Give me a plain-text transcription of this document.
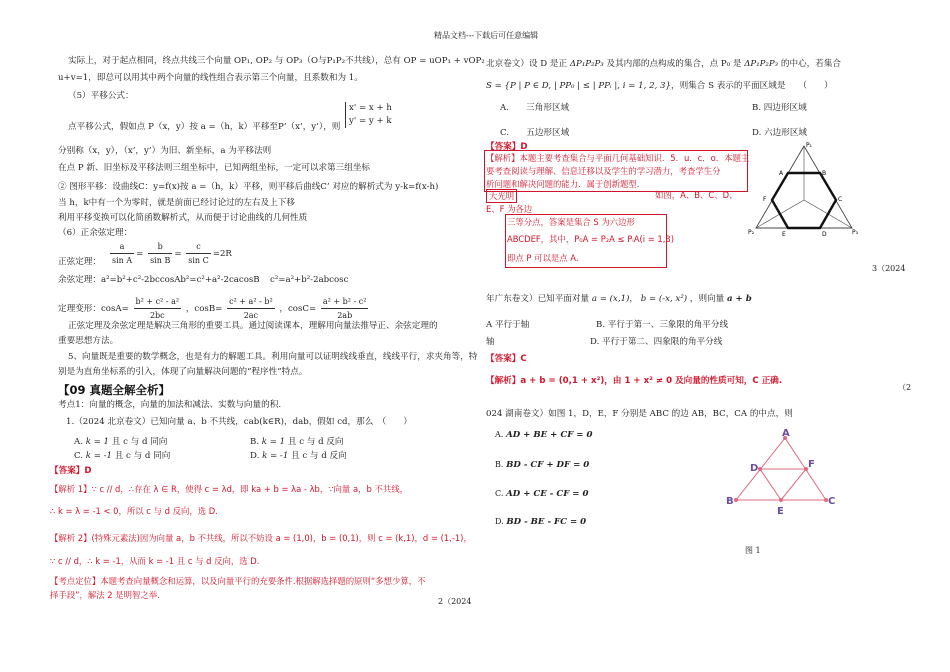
精品文档---下载后可任意编辑
实际上，对于起点相同，终点共线三个向量 OP₁, OP₂ 与 OP₃（O与P₁P₂不共线），总有 OP = uOP₁ + vOP₂
u+v=1，即总可以用其中两个向量的线性组合表示第三个向量，且系数和为 1。
（5）平移公式：
点平移公式，假如点 P（x，y）按 a =（h，k）平移至P’（x’，y’），则
x' = x + h
y' = y + k
分别称（x，y），（x’，y’）为旧、新坐标，a 为平移法则
在点 P 新、旧坐标及平移法则三组坐标中，已知两组坐标，一定可以求第三组坐标
② 图形平移：设曲线C：y=f(x)按 a =（h，k）平移，则平移后曲线C’ 对应的解析式为 y-k=f(x-h)
当 h，k中有一个为零时，就是前面已经讨论过的左右及上下移
利用平移变换可以化简函数解析式，从而便于讨论曲线的几何性质
（6）正余弦定理：
$\frac{a}{\text{sin A}} = \frac{b}{\text{sin B}} = \frac{c}{\text{sin C}} =2R$
正弦定理：
余弦定理：a²=b²+c²-2bccosAb²=c²+a²-2cacosB c²=a²+b²-2abcosc
定理变形：$\cos A= \frac{\text{b² + c² - a²}}{2bc}$ ，$\cos B= \frac{\text{c² + a² - b²}}{2ac}$ ，$\cos C= \frac{\text{a² + b² - c²}}{2ab}$
正弦定理及余弦定理是解决三角形的重要工具。通过阅读课本，理解用向量法推导正、余弦定理的
重要思想方法。
5、向量既是重要的数学概念，也是有力的解题工具。利用向量可以证明线线垂直，线线平行，求夹角等，特
别是为直角坐标系的引入，体现了向量解决问题的“程序性”特点。
【09 真题全解全析】
考点1：向量的概念，向量的加法和减法、实数与向量的积.
1.（2024 北京卷文）已知向量 a、b 不共线，cab(k∈R)，dab，假如 cd，那么　（　　）
A. k = 1 且 c 与 d 同向	B. k = 1 且 c 与 d 反向
C. k = -1 且 c 与 d 同向	D. k = -1 且 c 与 d 反向
【答案】D
【解析 1】∵ c // d，∴存在 λ ∈ R，使得 c = λd，即 ka + b = λa - λb，∵向量 a，b 不共线，
∴ k = λ = -1 < 0，所以 c 与 d 反向，选 D.
【解析 2】(特殊元素法)因为向量 a，b 不共线，所以不妨设 a = (1,0)，b = (0,1)，则 c = (k,1)，d = (1,-1)，
∵ c // d，∴ k = -1，从而 k = -1 且 c 与 d 反向，选 D.
【考点定位】本题考查向量概念和运算，以及向量平行的充要条件.根据解选择题的原则“多想少算，不
择手段”，解法 2 是明智之举.
2（2024
北京卷文）设 D 是正 ΔP₁P₂P₃ 及其内部的点构成的集合，点 P₀ 是 ΔP₁P₂P₃ 的中心，若集合
S = {P | P ∈ D, | PP₀ | ≤ | PPᵢ |, i = 1, 2, 3}，则集合 S 表示的平面区域是　　（　　）
A.　　 三角形区域	B. 四边形区域
C.　　 五边形区域	D. 六边形区域
【答案】D
【解析】本题主要考查集合与平面几何基础知识．5．u．c．o．本题主
要考查阅读与理解、信息迁移以及学生的学习潜力，考查学生分
析问题和解决问题的能力．属于创新题型．
大光明	如图，A、B、C、D、
E、F 为各边
三等分点，答案是集合 S 为六边形
ABCDEF，其中，P₀A = P₂A ≤ PᵢA(i = 1,3)
即点 P 可以是点 A.
P₁
P₂	P₃
A	B
C
D
E
F
3（2024
年广东卷文）已知平面对量 a = (x,1)， b = (-x, x²) ，则向量 a + b
A 平行于轴	B. 平行于第一、三象限的角平分线
轴	D. 平行于第二、四象限的角平分线
【答案】C
【解析】a + b = (0,1 + x²)，由 1 + x² ≠ 0 及向量的性质可知，C 正确.
（2
024 湖南卷文）如图 1，D，E，F 分别是 ABC 的边 AB，BC，CA 的中点，则
A. AD + BE + CF = 0
B. BD - CF + DF = 0
C. AD + CE - CF = 0
D. BD - BE - FC = 0
A
D	F
B
E
C
图 1
